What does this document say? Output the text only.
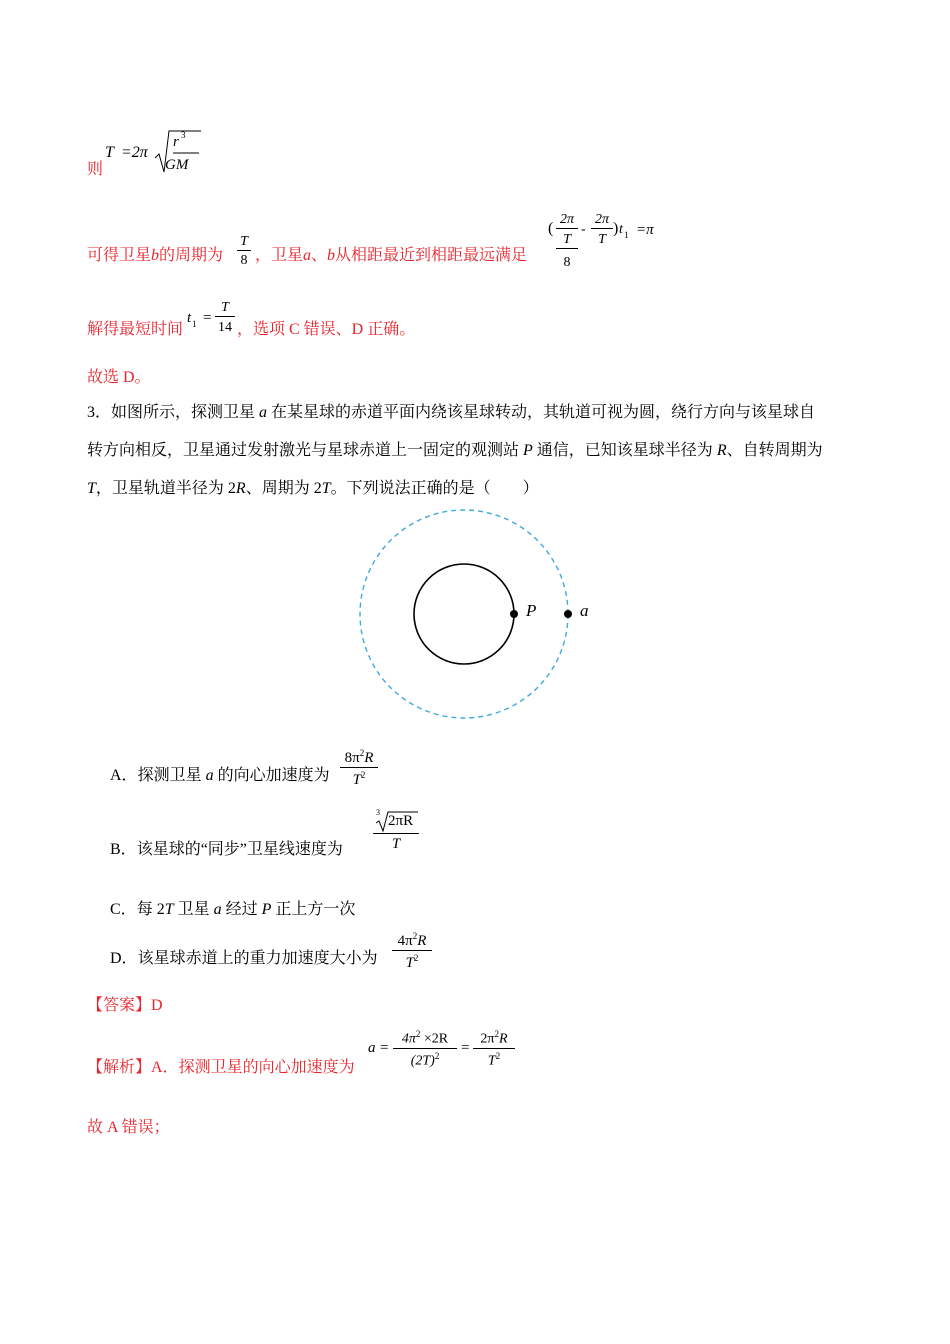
则
T =2π
r 3
GM
可得卫星b的周期为 $\frac{T}{8}$ ，卫星a、b从相距最近到相距最远满足
(
2π
T
8
-
2π
T
) t 1 =π
解得最短时间
t 1 =
T
14 ，选项 C 错误、D 正确。
故选 D。
3．如图所示，探测卫星 a 在某星球的赤道平面内绕该星球转动，其轨道可视为圆，绕行方向与该星球自
转方向相反，卫星通过发射激光与星球赤道上一固定的观测站 P 通信，已知该星球半径为 R、自转周期为
T，卫星轨道半径为 2R、周期为 2T。下列说法正确的是（　　）
P	a
A．探测卫星 a 的向心加速度为
$8\pi^2R$
$T^2$
B．该星球的“同步”卫星线速度为
3
2πR
T
C．每 2T 卫星 a 经过 P 正上方一次
D．该星球赤道上的重力加速度大小为
$4\pi^2R$
$T^2$
【答案】D
【解析】A．探测卫星的向心加速度为
a =
$4\pi^2 \times 2R$
$(2T)^2$	=
$2\pi^2R$
$T^2$
故 A 错误；
